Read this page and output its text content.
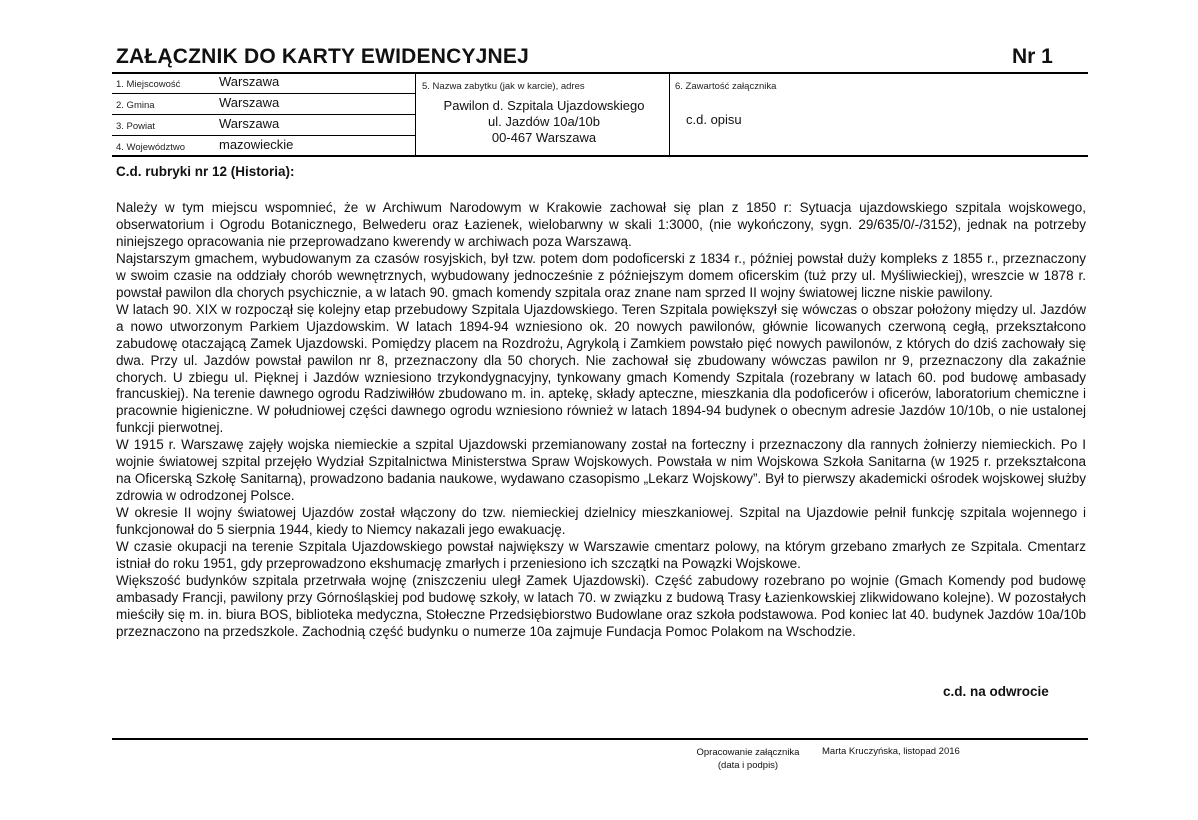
ZAŁĄCZNIK DO KARTY EWIDENCYJNEJ	Nr 1
1. Miejscowość	Warszawa
2. Gmina	Warszawa
3. Powiat	Warszawa
4. Województwo	mazowieckie
5. Nazwa zabytku (jak w karcie), adres
Pawilon d. Szpitala Ujazdowskiego
ul. Jazdów 10a/10b
00-467 Warszawa
6. Zawartość załącznika
c.d. opisu
C.d. rubryki nr 12 (Historia):

Należy w tym miejscu wspomnieć, że w Archiwum Narodowym w Krakowie zachował się plan z 1850 r: Sytuacja ujazdowskiego szpitala wojskowego, obserwatorium i Ogrodu Botanicznego, Belwederu oraz Łazienek, wielobarwny w skali 1:3000, (nie wykończony, sygn. 29/635/0/-/3152), jednak na potrzeby niniejszego opracowania nie przeprowadzano kwerendy w archiwach poza Warszawą.

Najstarszym gmachem, wybudowanym za czasów rosyjskich, był tzw. potem dom podoficerski z 1834 r., później powstał duży kompleks z 1855 r., przeznaczony w swoim czasie na oddziały chorób wewnętrznych, wybudowany jednocześnie z późniejszym domem oficerskim (tuż przy ul. Myśliwieckiej), wreszcie w 1878 r. powstał pawilon dla chorych psychicznie, a w latach 90. gmach komendy szpitala oraz znane nam sprzed II wojny światowej liczne niskie pawilony.

W latach 90. XIX w rozpoczął się kolejny etap przebudowy Szpitala Ujazdowskiego. Teren Szpitala powiększył się wówczas o obszar położony między ul. Jazdów a nowo utworzonym Parkiem Ujazdowskim. W latach 1894-94 wzniesiono ok. 20 nowych pawilonów, głównie licowanych czerwoną cegłą, przekształcono zabudowę otaczającą Zamek Ujazdowski. Pomiędzy placem na Rozdrożu, Agrykolą i Zamkiem powstało pięć nowych pawilonów, z których do dziś zachowały się dwa. Przy ul. Jazdów powstał pawilon nr 8, przeznaczony dla 50 chorych. Nie zachował się zbudowany wówczas pawilon nr 9, przeznaczony dla zakaźnie chorych. U zbiegu ul. Pięknej i Jazdów wzniesiono trzykondygnacyjny, tynkowany gmach Komendy Szpitala (rozebrany w latach 60. pod budowę ambasady francuskiej). Na terenie dawnego ogrodu Radziwiłłów zbudowano m. in. aptekę, składy apteczne, mieszkania dla podoficerów i oficerów, laboratorium chemiczne i pracownie higieniczne. W południowej części dawnego ogrodu wzniesiono również w latach 1894-94 budynek o obecnym adresie Jazdów 10/10b, o nie ustalonej funkcji pierwotnej.

W 1915 r. Warszawę zajęły wojska niemieckie a szpital Ujazdowski przemianowany został na forteczny i przeznaczony dla rannych żołnierzy niemieckich. Po I wojnie światowej szpital przejęło Wydział Szpitalnictwa Ministerstwa Spraw Wojskowych. Powstała w nim Wojskowa Szkoła Sanitarna (w 1925 r. przekształcona na Oficerską Szkołę Sanitarną), prowadzono badania naukowe, wydawano czasopismo „Lekarz Wojskowy”. Był to pierwszy akademicki ośrodek wojskowej służby zdrowia w odrodzonej Polsce.

W okresie II wojny światowej Ujazdów został włączony do tzw. niemieckiej dzielnicy mieszkaniowej. Szpital na Ujazdowie pełnił funkcję szpitala wojennego i funkcjonował do 5 sierpnia 1944, kiedy to Niemcy nakazali jego ewakuację.

W czasie okupacji na terenie Szpitala Ujazdowskiego powstał największy w Warszawie cmentarz polowy, na którym grzebano zmarłych ze Szpitala. Cmentarz istniał do roku 1951, gdy przeprowadzono ekshumację zmarłych i przeniesiono ich szczątki na Powązki Wojskowe.

Większość budynków szpitala przetrwała wojnę (zniszczeniu uległ Zamek Ujazdowski). Część zabudowy rozebrano po wojnie (Gmach Komendy pod budowę ambasady Francji, pawilony przy Górnośląskiej pod budowę szkoły, w latach 70. w związku z budową Trasy Łazienkowskiej zlikwidowano kolejne). W pozostałych mieściły się m. in. biura BOS, biblioteka medyczna, Stołeczne Przedsiębiorstwo Budowlane oraz szkoła podstawowa. Pod koniec lat 40. budynek Jazdów 10a/10b przeznaczono na przedszkole. Zachodnią część budynku o numerze 10a zajmuje Fundacja Pomoc Polakom na Wschodzie.

c.d. na odwrocie
Opracowanie załącznika
(data i podpis)
Marta Kruczyńska, listopad 2016
